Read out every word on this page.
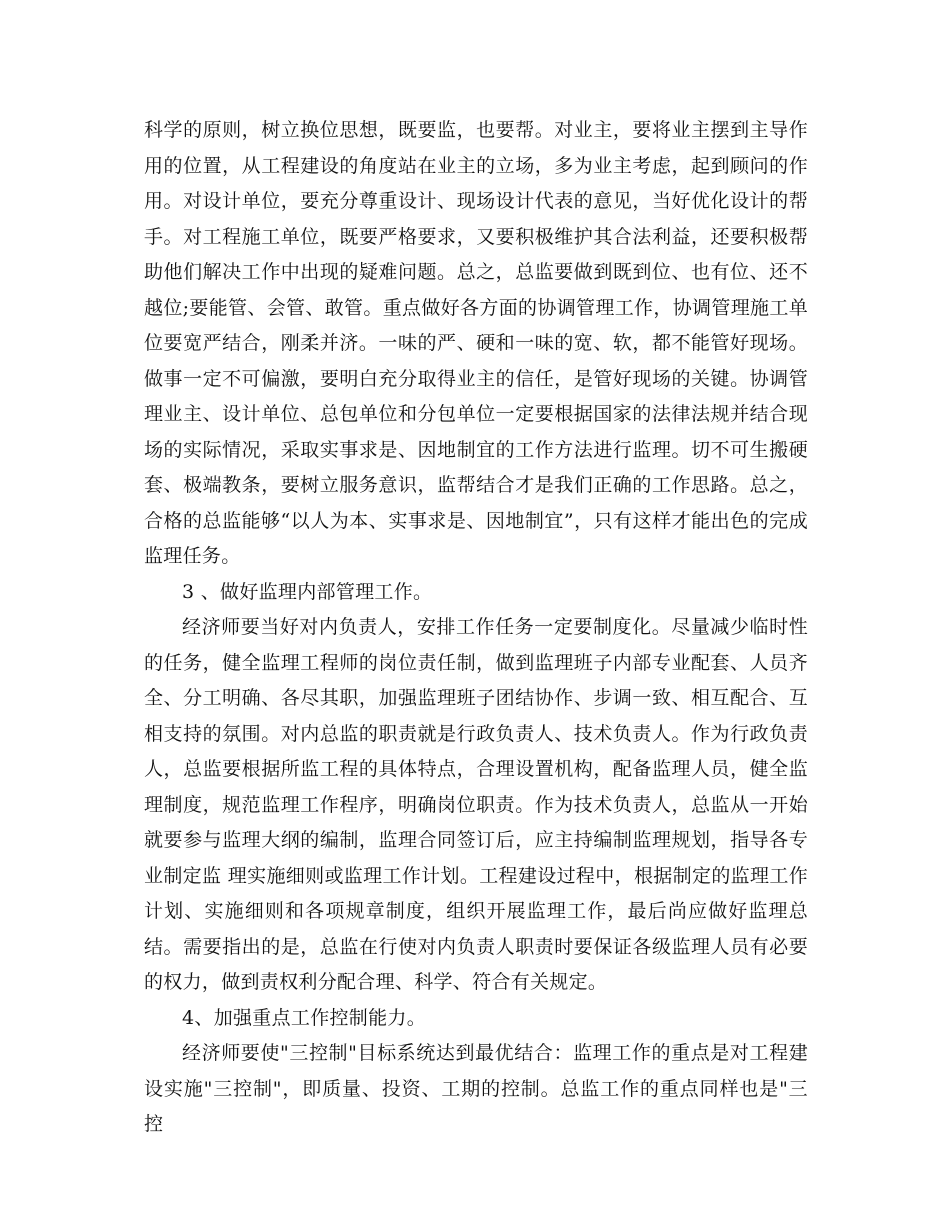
科学的原则，树立换位思想，既要监，也要帮。对业主，要将业主摆到主导作用的位置，从工程建设的角度站在业主的立场，多为业主考虑，起到顾问的作用。对设计单位，要充分尊重设计、现场设计代表的意见，当好优化设计的帮手。对工程施工单位，既要严格要求，又要积极维护其合法利益，还要积极帮助他们解决工作中出现的疑难问题。总之，总监要做到既到位、也有位、还不越位;要能管、会管、敢管。重点做好各方面的协调管理工作，协调管理施工单位要宽严结合，刚柔并济。一味的严、硬和一味的宽、软，都不能管好现场。做事一定不可偏激，要明白充分取得业主的信任，是管好现场的关键。协调管理业主、设计单位、总包单位和分包单位一定要根据国家的法律法规并结合现场的实际情况，采取实事求是、因地制宜的工作方法进行监理。切不可生搬硬套、极端教条，要树立服务意识，监帮结合才是我们正确的工作思路。总之，合格的总监能够“以人为本、实事求是、因地制宜”，只有这样才能出色的完成监理任务。

3 、做好监理内部管理工作。

经济师要当好对内负责人，安排工作任务一定要制度化。尽量减少临时性的任务，健全监理工程师的岗位责任制，做到监理班子内部专业配套、人员齐全、分工明确、各尽其职，加强监理班子团结协作、步调一致、相互配合、互相支持的氛围。对内总监的职责就是行政负责人、技术负责人。作为行政负责人，总监要根据所监工程的具体特点，合理设置机构，配备监理人员，健全监 理制度，规范监理工作程序，明确岗位职责。作为技术负责人，总监从一开始就要参与监理大纲的编制，监理合同签订后，应主持编制监理规划，指导各专业制定监 理实施细则或监理工作计划。工程建设过程中，根据制定的监理工作计划、实施细则和各项规章制度，组织开展监理工作，最后尚应做好监理总结。需要指出的是，总监在行使对内负责人职责时要保证各级监理人员有必要的权力，做到责权利分配合理、科学、符合有关规定。

4、加强重点工作控制能力。

经济师要使"三控制"目标系统达到最优结合：监理工作的重点是对工程建设实施"三控制"，即质量、投资、工期的控制。总监工作的重点同样也是"三控
